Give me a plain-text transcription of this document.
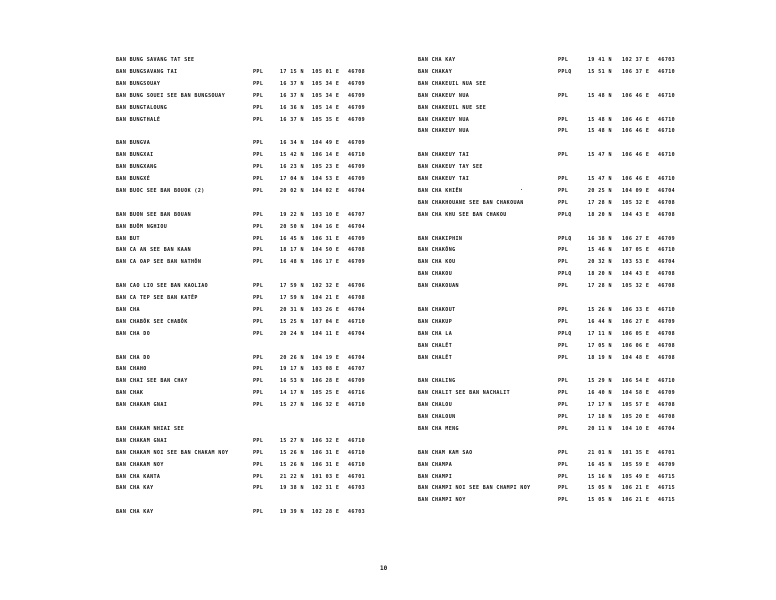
BAN BUNG SAVANG TAT SEE
BAN BUNGSAVANG TAI	PPL	17 15 N 105 01 E 46708
BAN BUNGSOUAY	PPL	16 37 N 105 34 E 46709
BAN BUNG SOUEI SEE BAN BUNGSOUAY	PPL	16 37 N 105 34 E 46709
BAN BUNGTALOUNG	PPL	16 36 N 105 14 E 46709
BAN BUNGTHALÉ	PPL	16 37 N 105 35 E 46709
BAN BUNGVA	PPL	16 34 N 104 49 E 46709
BAN BUNGXAI	PPL	15 42 N 106 14 E 46710
BAN BUNGXANG	PPL	16 23 N 105 23 E 46709
BAN BUNGXÉ	PPL	17 04 N 104 53 E 46709
BAN BUOC SEE BAN BOUOK (2)	PPL	20 02 N 104 02 E 46704
BAN BUON SEE BAN BOUAN	PPL	19 22 N 103 10 E 46707
BAN BUÔM NGHIOU	PPL	20 50 N 104 16 E 46704
BAN BUT	PPL	16 45 N 106 31 E 46709
BAN CA AN SEE BAN KAAN	PPL	18 17 N 104 50 E 46708
BAN CA OAP SEE BAN NATHÔN	PPL	16 48 N 106 17 E 46709
BAN CAO LIO SEE BAN KAOLIAO	PPL	17 59 N 102 32 E 46706
BAN CA TEP SEE BAN KATÊP	PPL	17 59 N 104 21 E 46708
BAN CHA	PPL	20 31 N 103 26 E 46704
BAN CHABÕK SEE CHABÕK	PPL	15 25 N 107 04 E 46710
BAN CHA DO	PPL	20 24 N 104 11 E 46704
BAN CHA DO	PPL	20 26 N 104 19 E 46704
BAN CHAHO	PPL	19 17 N 103 08 E 46707
BAN CHAI SEE BAN CHAY	PPL	16 53 N 106 28 E 46709
BAN CHAK	PPL	14 17 N 105 25 E 46716
BAN CHAKAM GNAI	PPL	15 27 N 106 32 E 46710
BAN CHAKAM NHIAI SEE
BAN CHAKAM GNAI	PPL	15 27 N 106 32 E 46710
BAN CHAKAM NOI SEE BAN CHAKAM NOY	PPL	15 26 N 106 31 E 46710
BAN CHAKAM NOY	PPL	15 26 N 106 31 E 46710
BAN CHA KANTA	PPL	21 22 N 101 03 E 46701
BAN CHA KAY	PPL	19 38 N 102 31 E 46703
BAN CHA KAY	PPL	19 39 N 102 28 E 46703
BAN CHA KAY	PPL	19 41 N 102 37 E 46703
BAN CHAKAY	PPLQ	15 51 N 106 37 E 46710
BAN CHAKEUIL NUA SEE
BAN CHAKEUY NUA	PPL	15 48 N 106 46 E 46710
BAN CHAKEUIL NUE SEE
BAN CHAKEUY NUA	PPL	15 48 N 106 46 E 46710
BAN CHAKEUY NUA	PPL	15 48 N 106 46 E 46710
BAN CHAKEUY TAI	PPL	15 47 N 106 46 E 46710
BAN CHAKEUY TAY SEE
BAN CHAKEUY TAI	PPL	15 47 N 106 46 E 46710
BAN CHA KHIÊN	PPL	20 25 N 104 09 E 46704
BAN CHAKHOUANE SEE BAN CHAKOUAN	PPL	17 28 N 105 32 E 46708
BAN CHA KHU SEE BAN CHAKOU	PPLQ	18 20 N 104 43 E 46708
BAN CHAKIPHIN	PPLQ	16 38 N 106 27 E 46709
BAN CHAKÔNG	PPL	15 46 N 107 05 E 46710
BAN CHA KOU	PPL	20 32 N 103 53 E 46704
BAN CHAKOU	PPLQ	18 20 N 104 43 E 46708
BAN CHAKOUAN	PPL	17 28 N 105 32 E 46708
BAN CHAKOUT	PPL	15 26 N 106 33 E 46710
BAN CHAKUP	PPL	16 44 N 106 27 E 46709
BAN CHA LA	PPLQ	17 11 N 106 05 E 46708
BAN CHALÊT	PPL	17 05 N 106 06 E 46708
BAN CHALÊT	PPL	18 19 N 104 48 E 46708
BAN CHALING	PPL	15 29 N 106 54 E 46710
BAN CHALIT SEE BAN NACHALIT	PPL	16 40 N 104 58 E 46709
BAN CHALOU	PPL	17 17 N 105 57 E 46708
BAN CHALOUN	PPL	17 18 N 105 20 E 46708
BAN CHA MENG	PPL	20 11 N 104 10 E 46704
BAN CHAM KAM SAO	PPL	21 01 N 101 35 E 46701
BAN CHAMPA	PPL	16 45 N 105 59 E 46709
BAN CHAMPI	PPL	15 16 N 105 49 E 46715
BAN CHAMPI NOI SEE BAN CHAMPI NOY	PPL	15 05 N 106 21 E 46715
BAN CHAMPI NOY	PPL	15 05 N 106 21 E 46715
10
